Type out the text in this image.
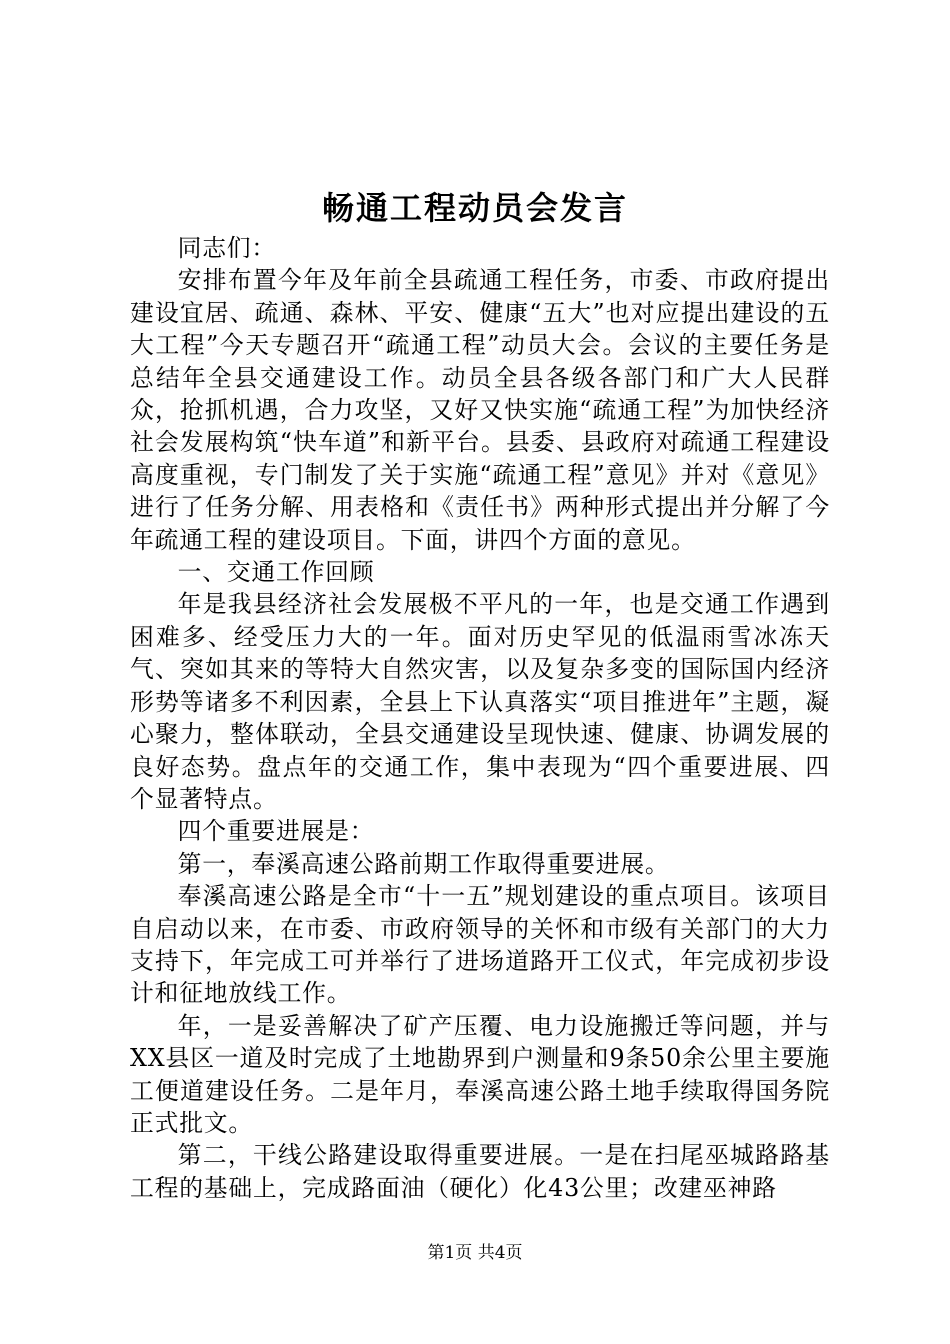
畅通工程动员会发言

同志们：

安排布置今年及年前全县疏通工程任务，市委、市政府提出建设宜居、疏通、森林、平安、健康“五大”也对应提出建设的五大工程”今天专题召开“疏通工程”动员大会。会议的主要任务是总结年全县交通建设工作。动员全县各级各部门和广大人民群众，抢抓机遇，合力攻坚，又好又快实施“疏通工程”为加快经济社会发展构筑“快车道”和新平台。县委、县政府对疏通工程建设高度重视，专门制发了关于实施“疏通工程”意见》并对《意见》进行了任务分解、用表格和《责任书》两种形式提出并分解了今年疏通工程的建设项目。下面，讲四个方面的意见。

一、交通工作回顾

年是我县经济社会发展极不平凡的一年，也是交通工作遇到困难多、经受压力大的一年。面对历史罕见的低温雨雪冰冻天气、突如其来的等特大自然灾害，以及复杂多变的国际国内经济形势等诸多不利因素，全县上下认真落实“项目推进年”主题，凝心聚力，整体联动，全县交通建设呈现快速、健康、协调发展的良好态势。盘点年的交通工作，集中表现为“四个重要进展、四个显著特点。

四个重要进展是：

第一，奉溪高速公路前期工作取得重要进展。

奉溪高速公路是全市“十一五”规划建设的重点项目。该项目自启动以来，在市委、市政府领导的关怀和市级有关部门的大力支持下，年完成工可并举行了进场道路开工仪式，年完成初步设计和征地放线工作。

年，一是妥善解决了矿产压覆、电力设施搬迁等问题，并与XX县区一道及时完成了土地勘界到户测量和9条50余公里主要施工便道建设任务。二是年月，奉溪高速公路土地手续取得国务院正式批文。

第二，干线公路建设取得重要进展。一是在扫尾巫城路路基工程的基础上，完成路面油（硬化）化43公里；改建巫神路

第1页 共4页
